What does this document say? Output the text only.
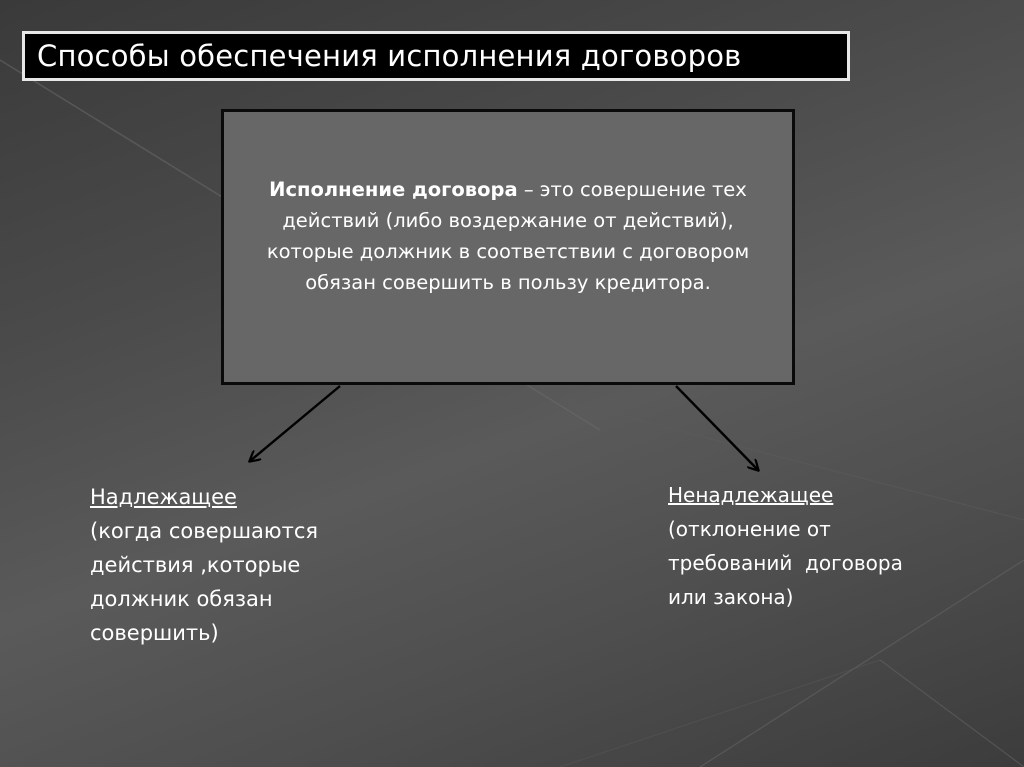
Способы обеспечения исполнения договоров
Исполнение договора – это совершение тех действий (либо воздержание от действий), которые должник в соответствии с договором обязан совершить в пользу кредитора.
Надлежащее
(когда совершаются
действия ,которые
должник обязан
совершить)
Ненадлежащее
(отклонение от
требований  договора
или закона)
